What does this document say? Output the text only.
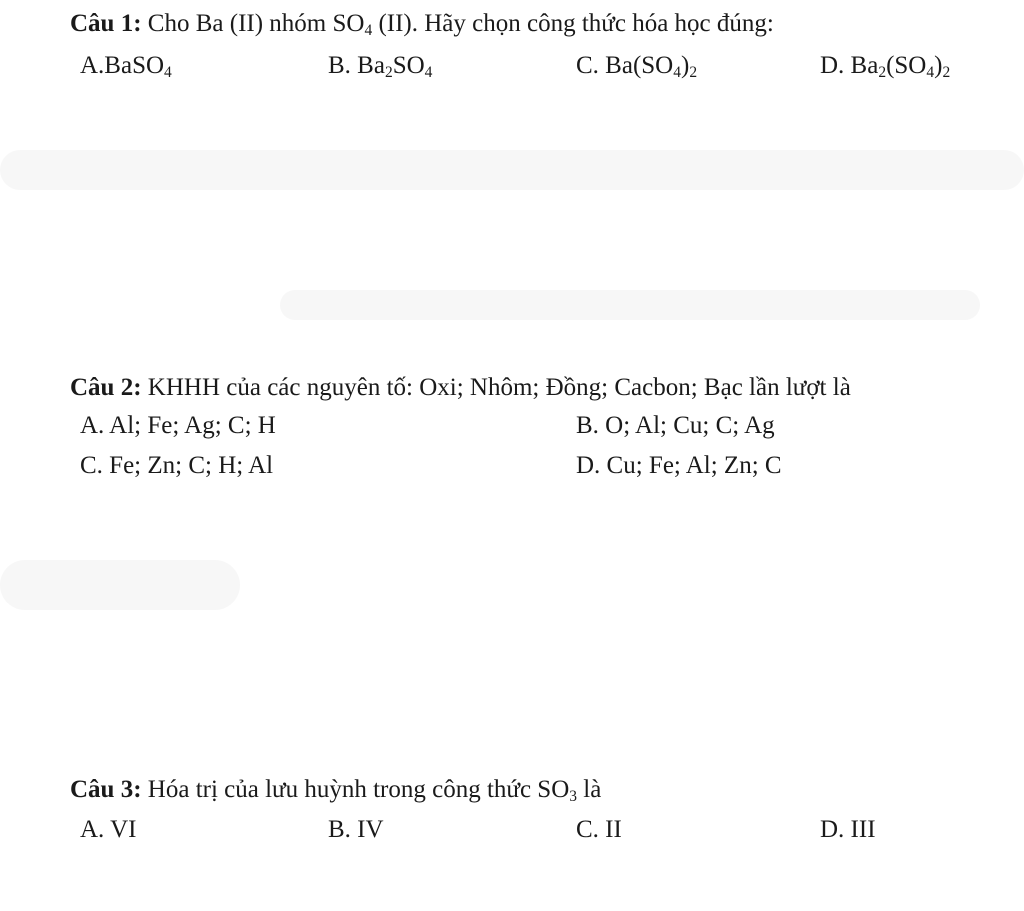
Câu 1: Cho Ba (II) nhóm $SO_4$ (II). Hãy chọn công thức hóa học đúng:
A.BaSO$_4$	B. $Ba_2SO_4$	C. $Ba(SO_4)_2$	D. $Ba_2(SO_4)_2$
Câu 2: KHHH của các nguyên tố: Oxi; Nhôm; Đồng; Cacbon; Bạc lần lượt là
A. Al; Fe; Ag; C; H	B. O; Al; Cu; C; Ag
C. Fe; Zn; C; H; Al	D. Cu; Fe; Al; Zn; C
Câu 3: Hóa trị của lưu huỳnh trong công thức $SO_3$ là
A. VI	B. IV	C. II	D. III
